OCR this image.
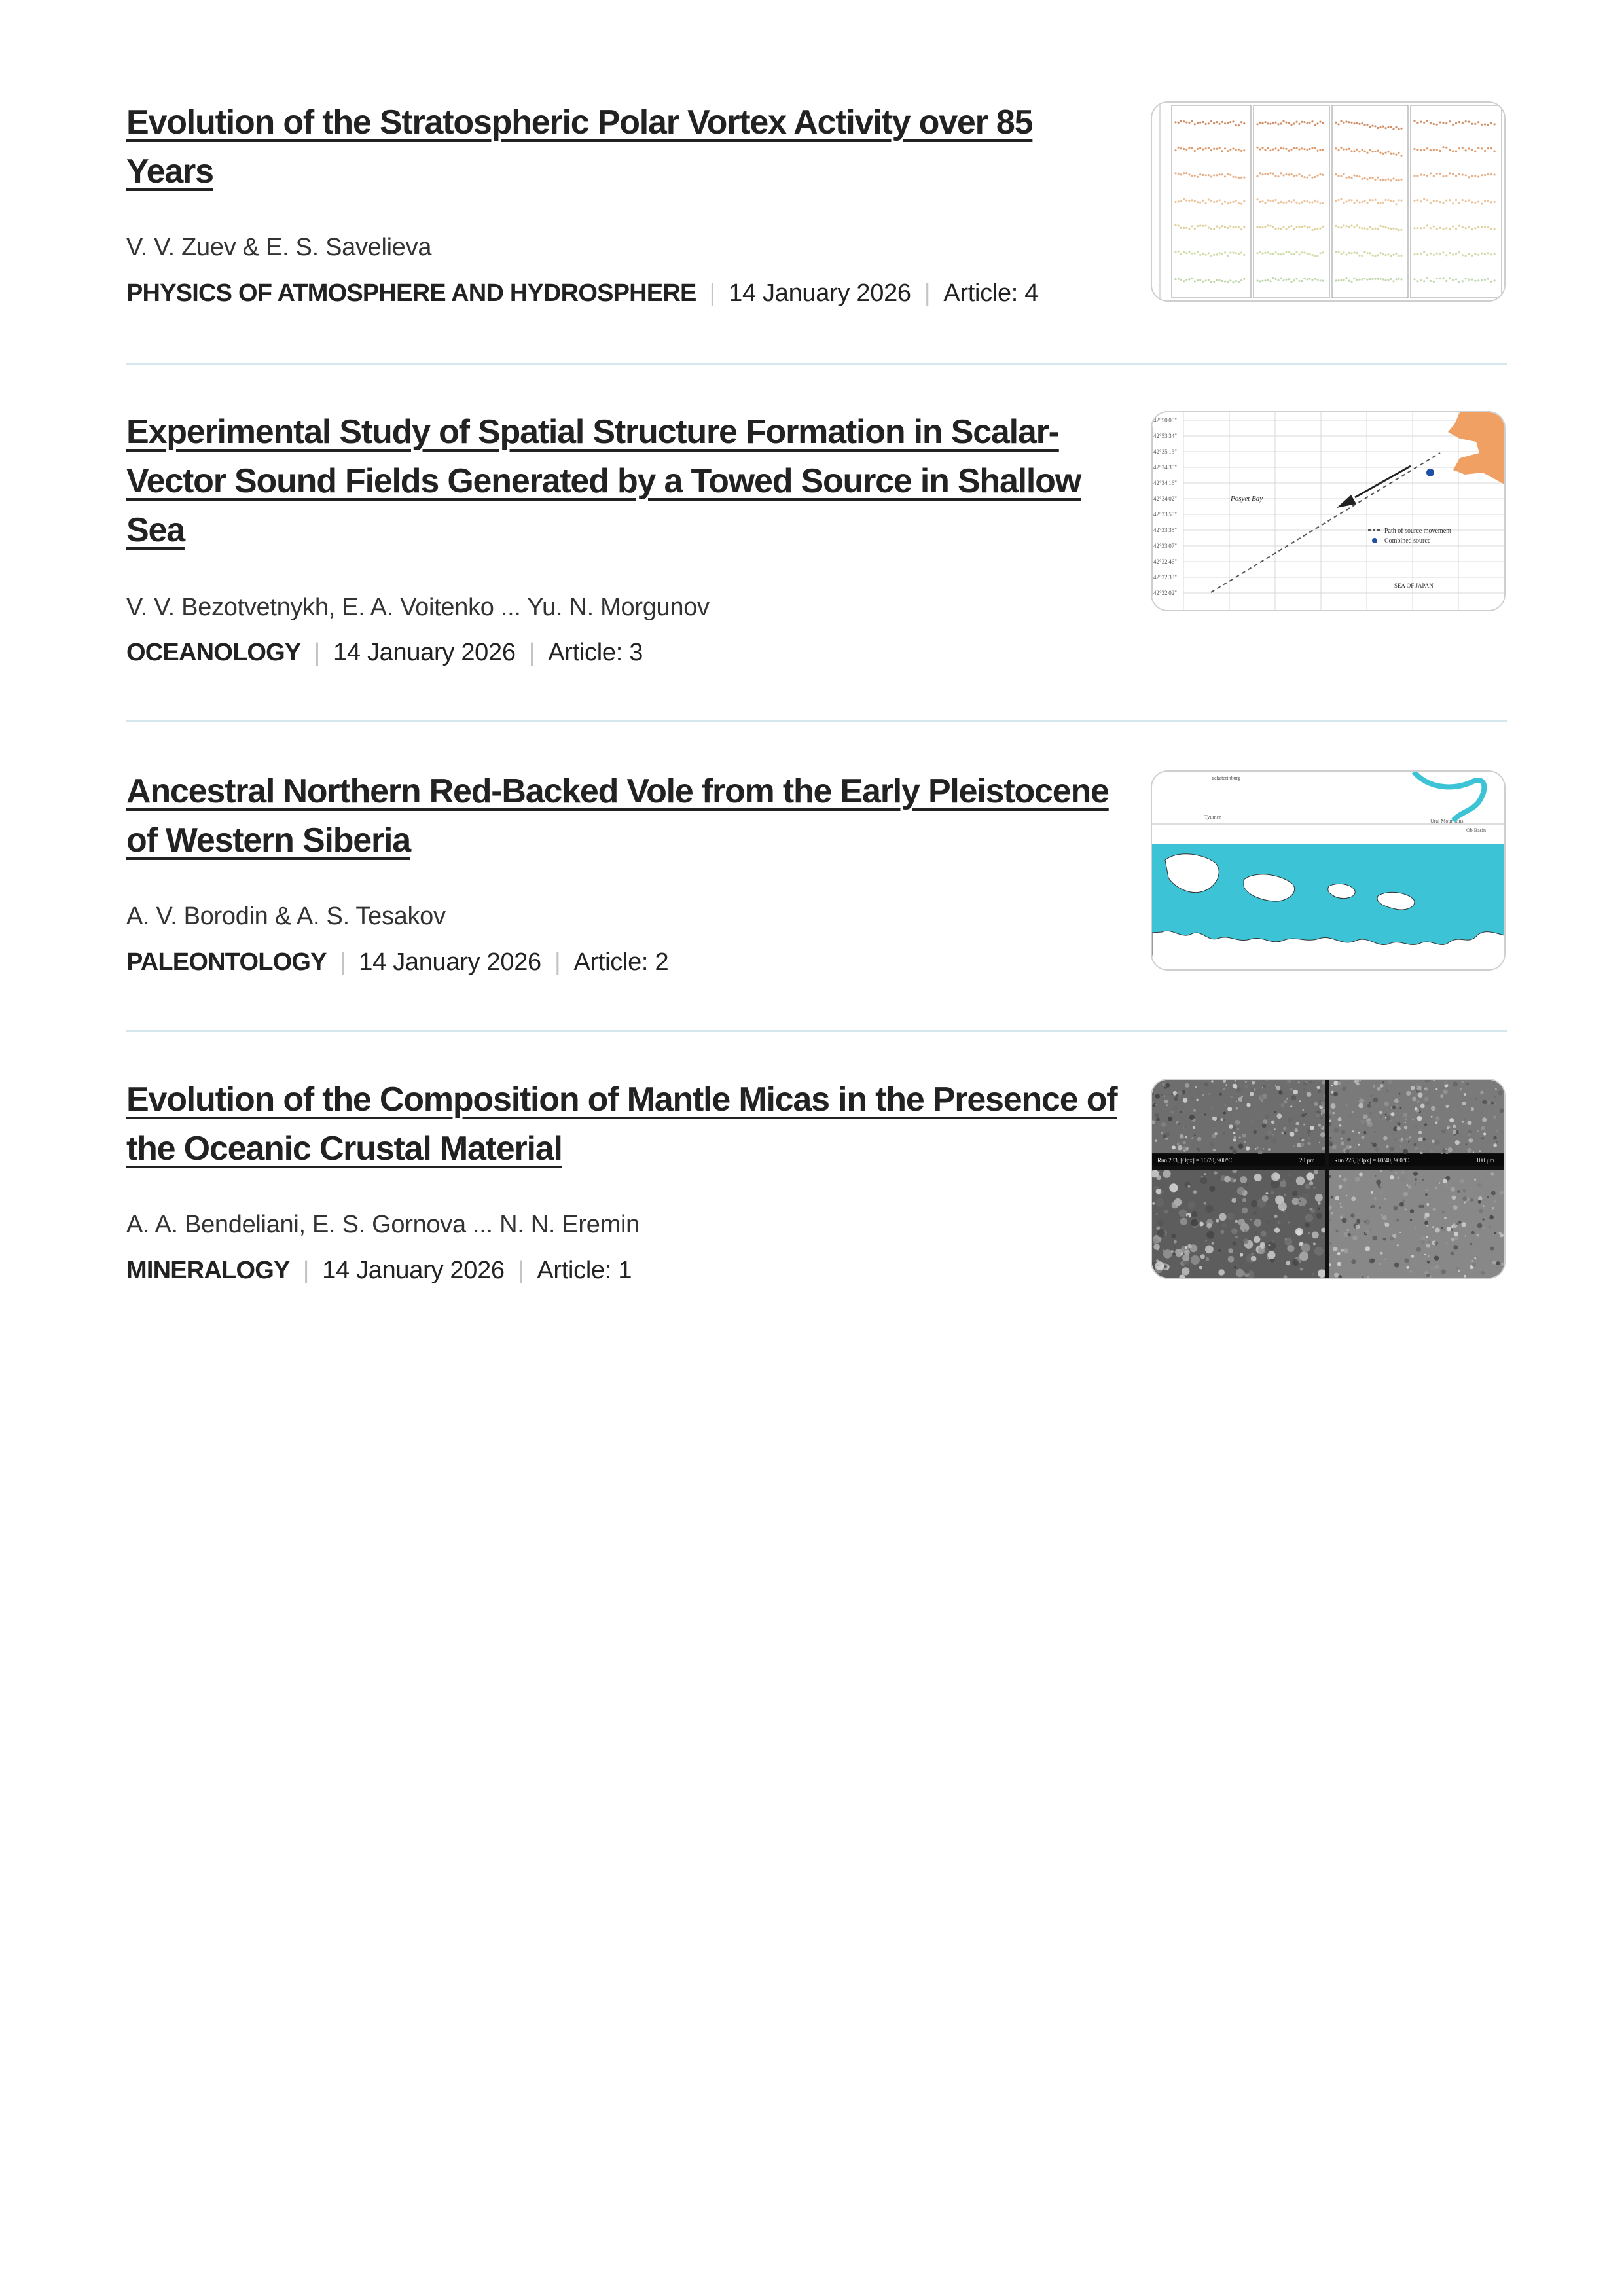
Evolution of the Stratospheric Polar Vortex Activity over 85 Years
V. V. Zuev & E. S. Savelieva
PHYSICS OF ATMOSPHERE AND HYDROSPHERE | 14 January 2026 | Article: 4
Experimental Study of Spatial Structure Formation in Scalar-Vector Sound Fields Generated by a Towed Source in Shallow Sea
V. V. Bezotvetnykh, E. A. Voitenko ... Yu. N. Morgunov
OCEANOLOGY | 14 January 2026 | Article: 3
42°50'00"
42°53'34"
42°35'13"
42°34'35"
42°34'16"
42°34'02"
42°33'50"
42°33'35"
42°33'07"
42°32'46"
42°32'33"
42°32'02"
Posyet Bay
Path of source movement
Combined source
SEA OF JAPAN
Ancestral Northern Red-Backed Vole from the Early Pleistocene of Western Siberia
A. V. Borodin & A. S. Tesakov
PALEONTOLOGY | 14 January 2026 | Article: 2
Yekaterinburg
Tyumen
Ural Mountains
Ob Basin
Evolution of the Composition of Mantle Micas in the Presence of the Oceanic Crustal Material
A. A. Bendeliani, E. S. Gornova ... N. N. Eremin
MINERALOGY | 14 January 2026 | Article: 1
Run 233, [Opx] = 10/70, 900°C	20 µm	Run 225, [Opx] = 60/40, 900°C	100 µm
